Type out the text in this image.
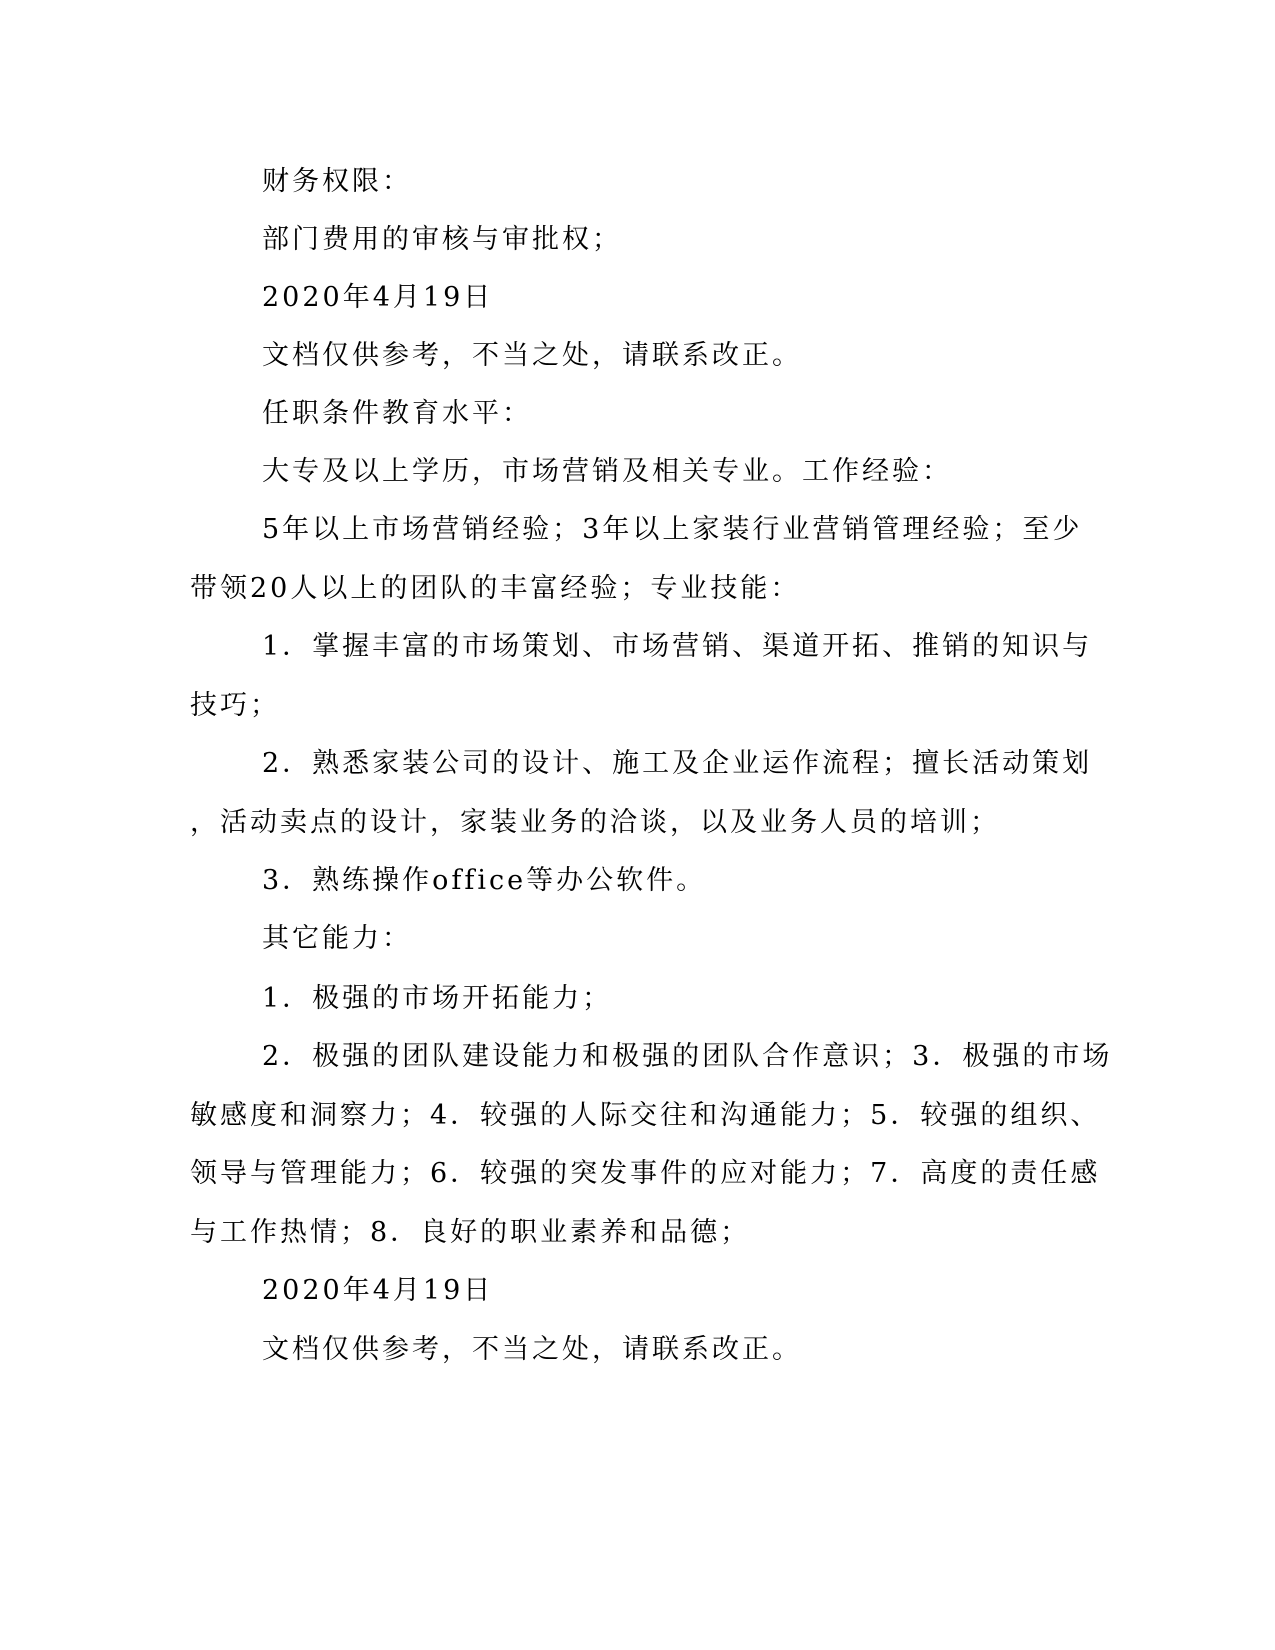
财务权限：
部门费用的审核与审批权；
2020年4月19日
文档仅供参考，不当之处，请联系改正。
任职条件教育水平：
大专及以上学历，市场营销及相关专业。工作经验：
5年以上市场营销经验；3年以上家装行业营销管理经验；至少
带领20人以上的团队的丰富经验；专业技能：
1．掌握丰富的市场策划、市场营销、渠道开拓、推销的知识与
技巧；
2．熟悉家装公司的设计、施工及企业运作流程；擅长活动策划
，活动卖点的设计，家装业务的洽谈，以及业务人员的培训；
3．熟练操作office等办公软件。
其它能力：
1．极强的市场开拓能力；
2．极强的团队建设能力和极强的团队合作意识；3．极强的市场
敏感度和洞察力；4．较强的人际交往和沟通能力；5．较强的组织、
领导与管理能力；6．较强的突发事件的应对能力；7．高度的责任感
与工作热情；8．良好的职业素养和品德；
2020年4月19日
文档仅供参考，不当之处，请联系改正。
